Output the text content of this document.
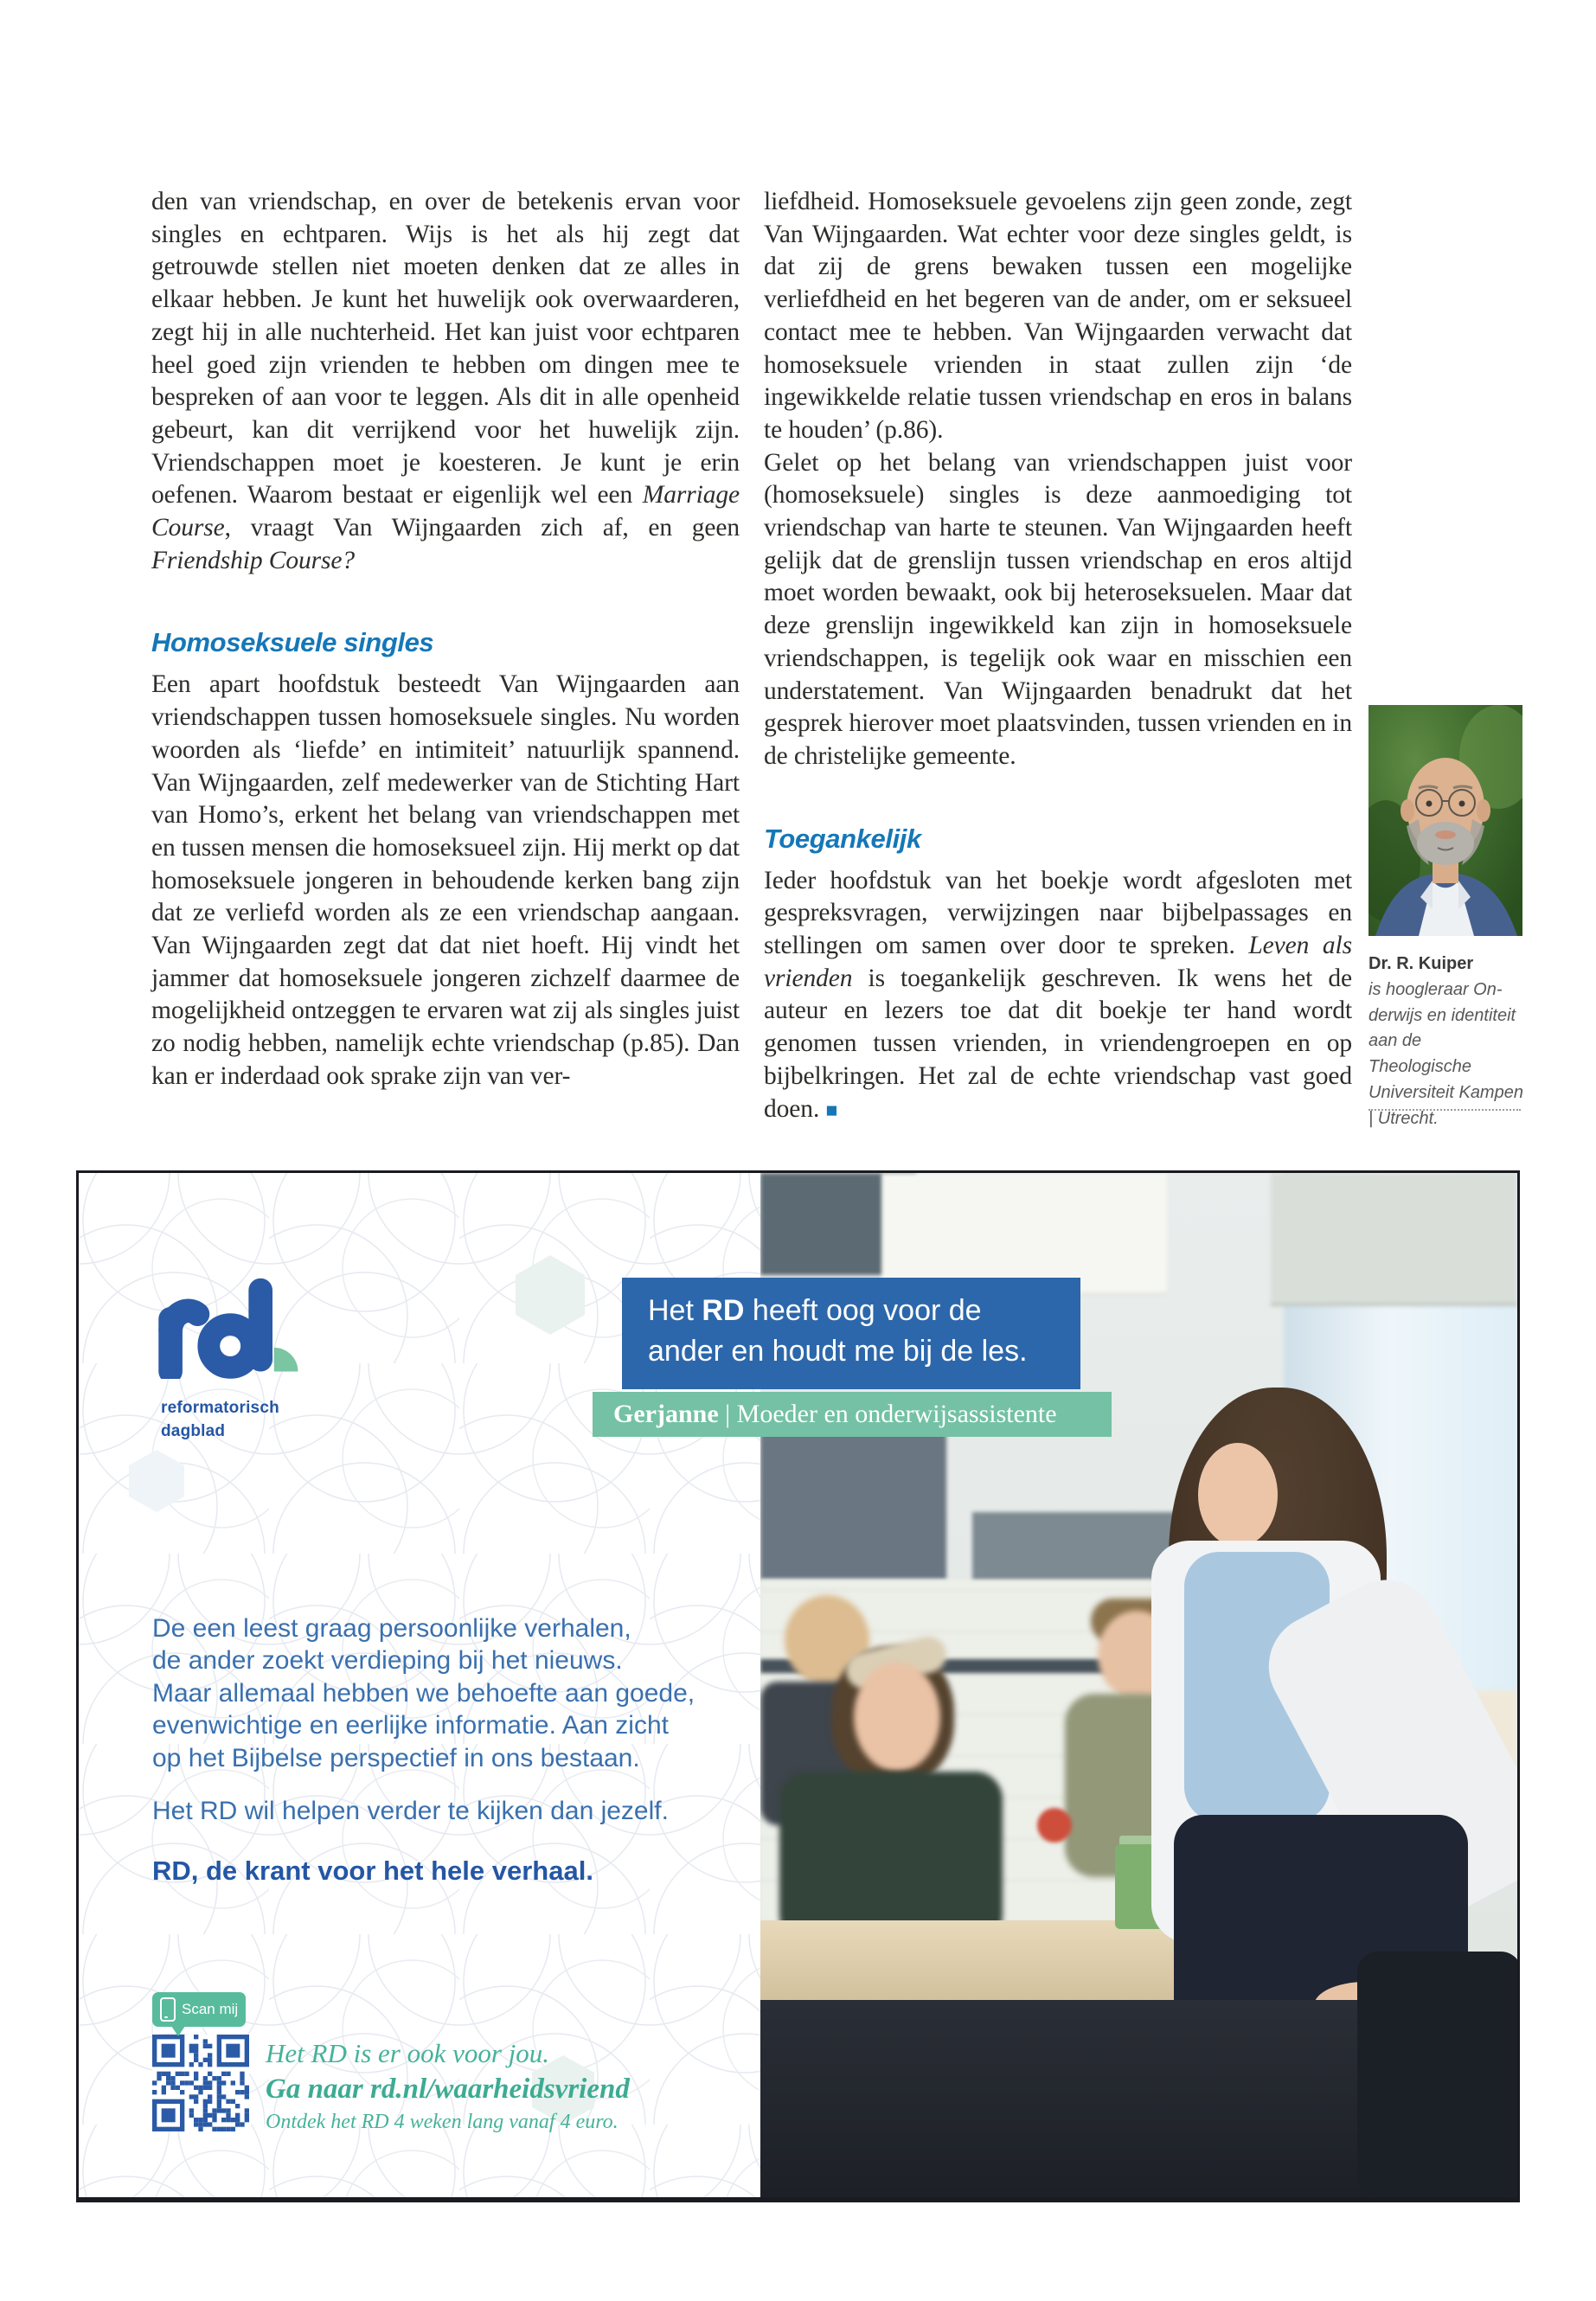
den van vriendschap, en over de betekenis ervan voor singles en echtparen. Wijs is het als hij zegt dat getrouwde stellen niet moeten denken dat ze alles in elkaar hebben. Je kunt het huwelijk ook overwaarderen, zegt hij in alle nuchterheid. Het kan juist voor echtparen heel goed zijn vrienden te hebben om dingen mee te bespreken of aan voor te leggen. Als dit in alle openheid gebeurt, kan dit verrijkend voor het huwelijk zijn. Vriendschappen moet je koesteren. Je kunt je erin oefenen. Waarom bestaat er eigenlijk wel een Marriage Course, vraagt Van Wijngaarden zich af, en geen Friendship Course?

Homoseksuele singles

Een apart hoofdstuk besteedt Van Wijngaarden aan vriendschappen tussen homoseksuele singles. Nu worden woorden als ‘liefde’ en intimiteit’ natuurlijk spannend. Van Wijngaarden, zelf medewerker van de Stichting Hart van Homo’s, erkent het belang van vriendschappen met en tussen mensen die homoseksueel zijn. Hij merkt op dat homoseksuele jongeren in behoudende kerken bang zijn dat ze verliefd worden als ze een vriendschap aangaan. Van Wijngaarden zegt dat dat niet hoeft. Hij vindt het jammer dat homoseksuele jongeren zichzelf daarmee de mogelijkheid ontzeggen te ervaren wat zij als singles juist zo nodig hebben, namelijk echte vriendschap (p.85). Dan kan er inderdaad ook sprake zijn van ver-

liefdheid. Homoseksuele gevoelens zijn geen zonde, zegt Van Wijngaarden. Wat echter voor deze singles geldt, is dat zij de grens bewaken tussen een mogelijke verliefdheid en het begeren van de ander, om er seksueel contact mee te hebben. Van Wijngaarden verwacht dat homoseksuele vrienden in staat zullen zijn ‘de ingewikkelde relatie tussen vriendschap en eros in balans te houden’ (p.86).

Gelet op het belang van vriendschappen juist voor (homoseksuele) singles is deze aanmoediging tot vriendschap van harte te steunen. Van Wijngaarden heeft gelijk dat de grenslijn tussen vriendschap en eros altijd moet worden bewaakt, ook bij heteroseksuelen. Maar dat deze grenslijn ingewikkeld kan zijn in homoseksuele vriendschappen, is tegelijk ook waar en misschien een understatement. Van Wijngaarden benadrukt dat het gesprek hierover moet plaatsvinden, tussen vrienden en in de christelijke gemeente.

Toegankelijk

Ieder hoofdstuk van het boekje wordt afgesloten met gespreksvragen, verwijzingen naar bijbelpassages en stellingen om samen over door te spreken. Leven als vrienden is toegankelijk geschreven. Ik wens het de auteur en lezers toe dat dit boekje ter hand wordt genomen tussen vrienden, in vriendengroepen en op bijbelkringen. Het zal de echte vriendschap vast goed doen. ■

Dr. R. Kuiper
is hoogleraar On-
derwijs en identiteit
aan de Theologische
Universiteit Kampen
| Utrecht.
reformatorisch
dagblad
Het RD heeft oog voor de
ander en houdt me bij de les.
Gerjanne | Moeder en onderwijsassistente
De een leest graag persoonlijke verhalen,
de ander zoekt verdieping bij het nieuws.
Maar allemaal hebben we behoefte aan goede,
evenwichtige en eerlijke informatie. Aan zicht
op het Bijbelse perspectief in ons bestaan.
Het RD wil helpen verder te kijken dan jezelf.
RD, de krant voor het hele verhaal.
Scan mij
Het RD is er ook voor jou.
Ga naar rd.nl/waarheidsvriend
Ontdek het RD 4 weken lang vanaf 4 euro.
